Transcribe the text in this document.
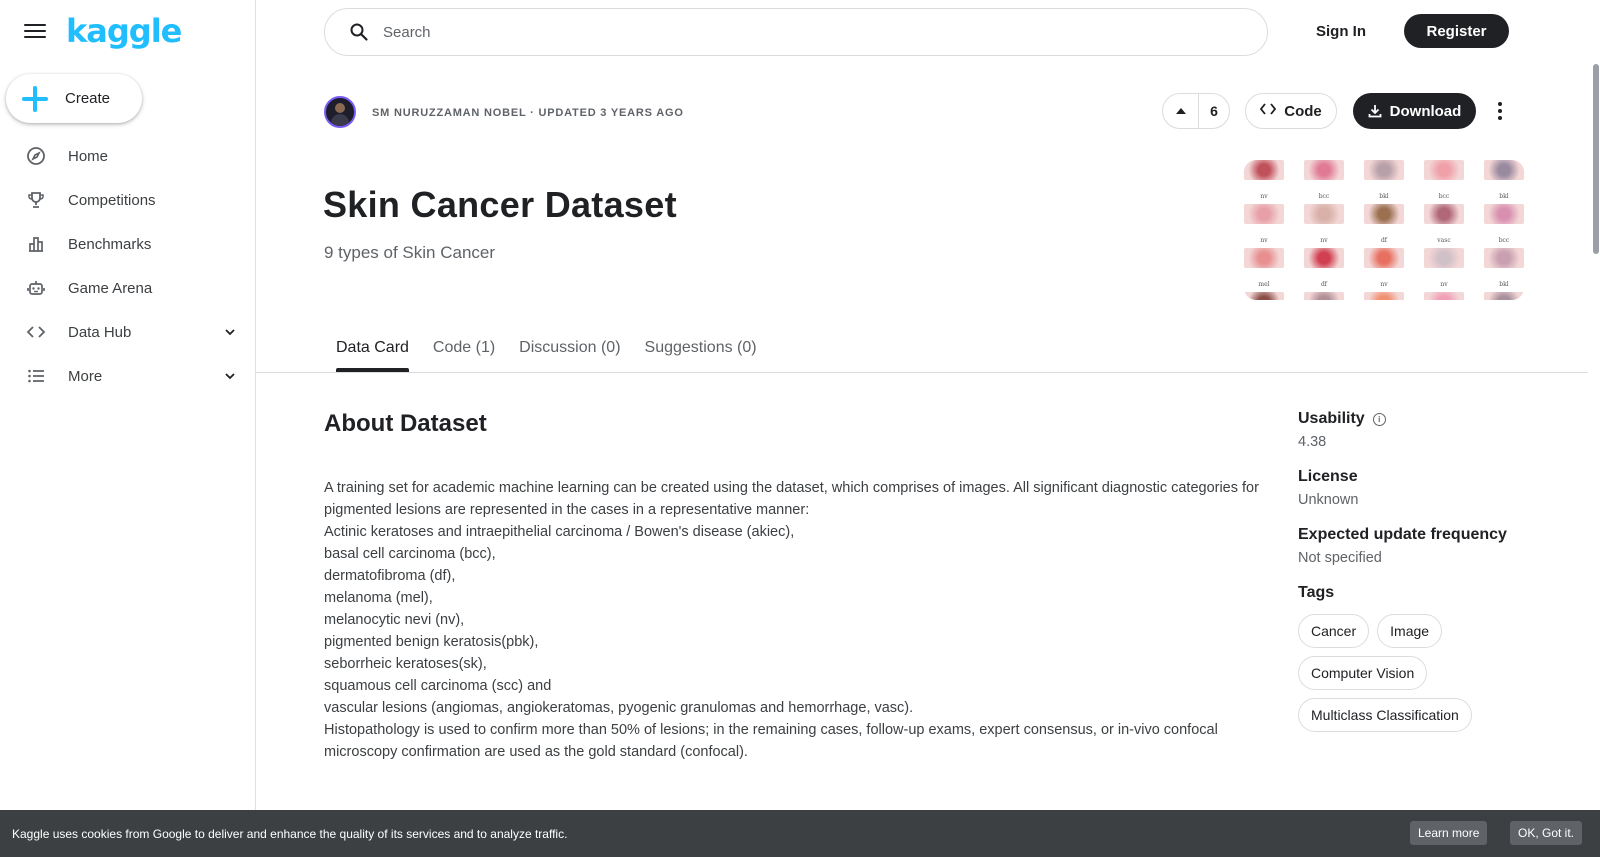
kaggle
Create
Home
Competitions
Benchmarks
Game Arena
Data Hub
More
Search
Sign In	Register
SM NURUZZAMAN NOBEL · UPDATED 3 YEARS AGO	6	Code	Download
Skin Cancer Dataset
9 types of Skin Cancer
nv	bcc	bkl	bcc	bkl
nv	nv	df	vasc	bcc
mel	df	nv	nv	bkl
Data Card Code (1) Discussion (0) Suggestions (0)
About Dataset

A training set for academic machine learning can be created using the dataset, which comprises of images. All significant diagnostic categories for pigmented lesions are represented in the cases in a representative manner:

Actinic keratoses and intraepithelial carcinoma / Bowen's disease (akiec),

basal cell carcinoma (bcc),

dermatofibroma (df),

melanoma (mel),

melanocytic nevi (nv),

pigmented benign keratosis(pbk),

seborrheic keratoses(sk),

squamous cell carcinoma (scc) and

vascular lesions (angiomas, angiokeratomas, pyogenic granulomas and hemorrhage, vasc).

Histopathology is used to confirm more than 50% of lesions; in the remaining cases, follow-up exams, expert consensus, or in-vivo confocal microscopy confirmation are used as the gold standard (confocal).

Usability	i
4.38
License
Unknown
Expected update frequency
Not specified
Tags
Cancer	Image
Computer Vision
Multiclass Classification
Kaggle uses cookies from Google to deliver and enhance the quality of its services and to analyze traffic.	Learn more	OK, Got it.
